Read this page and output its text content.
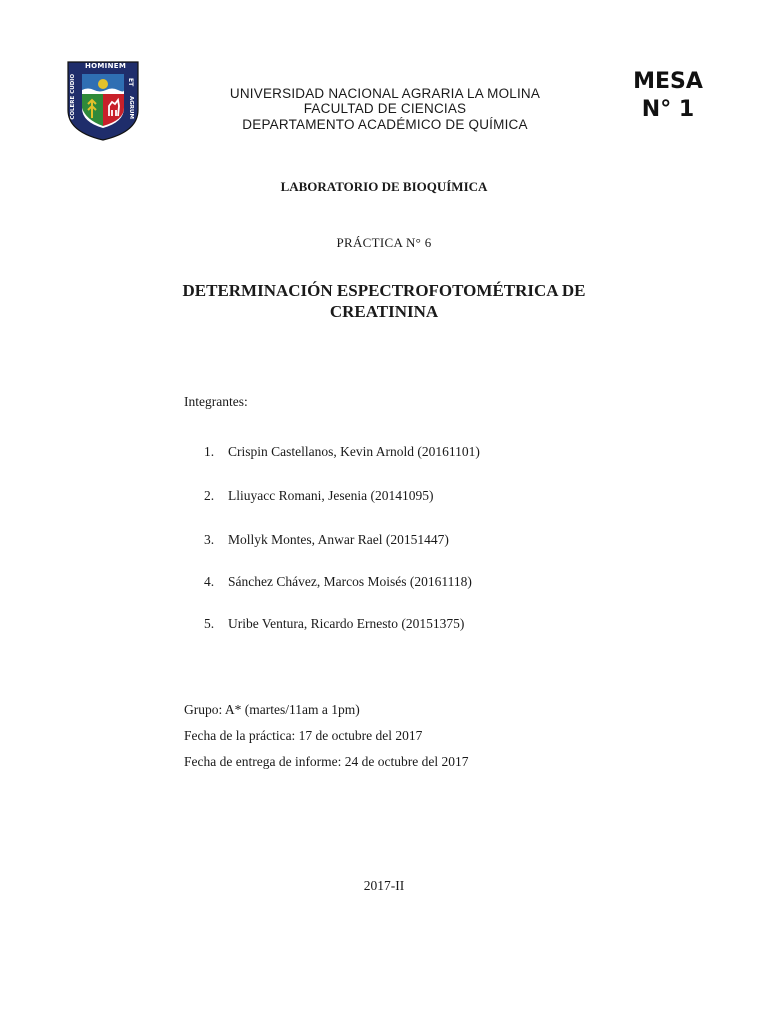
HOMINEM
ET
COLERE CUDIO	AGRUM
UNIVERSIDAD NACIONAL AGRARIA LA MOLINA
FACULTAD DE CIENCIAS
DEPARTAMENTO ACADÉMICO DE QUÍMICA
MESA
N° 1
LABORATORIO DE BIOQUÍMICA
PRÁCTICA N° 6
DETERMINACIÓN ESPECTROFOTOMÉTRICA DE
CREATININA
Integrantes:
1. Crispin Castellanos, Kevin Arnold (20161101)
2. Lliuyacc Romani, Jesenia (20141095)
3. Mollyk Montes, Anwar Rael (20151447)
4. Sánchez Chávez, Marcos Moisés (20161118)
5. Uribe Ventura, Ricardo Ernesto (20151375)
Grupo: A* (martes/11am a 1pm)
Fecha de la práctica: 17 de octubre del 2017
Fecha de entrega de informe: 24 de octubre del 2017
2017-II
